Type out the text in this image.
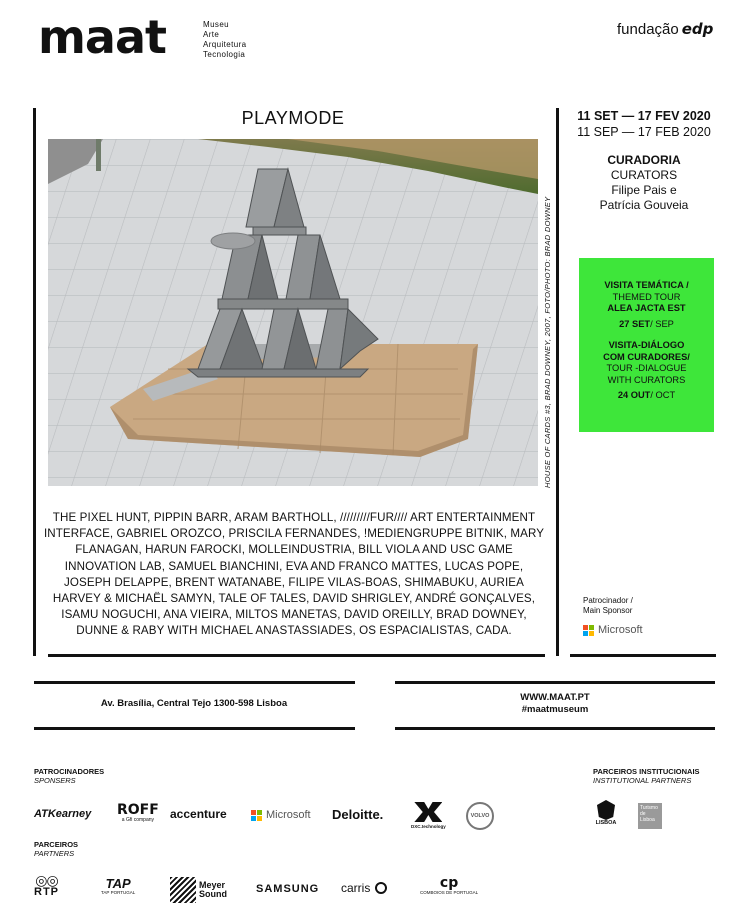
maat	Museu
Arte
Arquitetura
Tecnologia
fundação edp
PLAYMODE
HOUSE OF CARDS #3, BRAD DOWNEY, 2007, FOTO/PHOTO: BRAD DOWNEY
THE PIXEL HUNT, PIPPIN BARR, ARAM BARTHOLL, /////////FUR//// ART ENTERTAINMENT INTERFACE, GABRIEL OROZCO, PRISCILA FERNANDES, !MEDIENGRUPPE BITNIK, MARY FLANAGAN, HARUN FAROCKI, MOLLEINDUSTRIA, BILL VIOLA AND USC GAME INNOVATION LAB, SAMUEL BIANCHINI, EVA AND FRANCO MATTES, LUCAS POPE, JOSEPH DELAPPE, BRENT WATANABE, FILIPE VILAS-BOAS, SHIMABUKU, AURIEA HARVEY & MICHAËL SAMYN, TALE OF TALES, DAVID SHRIGLEY, ANDRÉ GONÇALVES, ISAMU NOGUCHI, ANA VIEIRA, MILTOS MANETAS, DAVID OREILLY, BRAD DOWNEY, DUNNE & RABY WITH MICHAEL ANASTASSIADES, OS ESPACIALISTAS, CADA.
11 SET — 17 FEV 2020
11 SEP — 17 FEB 2020
CURADORIA
CURATORS
Filipe Pais e
Patrícia Gouveia
VISITA TEMÁTICA /
THEMED TOUR
ALEA JACTA EST
27 SET/ SEP
VISITA-DIÁLOGO
COM CURADORES/
TOUR -DIALOGUE
WITH CURATORS
24 OUT/ OCT
Patrocinador /
Main Sponsor
Microsoft
Av. Brasília, Central Tejo 1300-598 Lisboa
WWW.MAAT.PT
#maatmuseum
PATROCINADORES
SPONSERS
PARCEIROS INSTITUCIONAIS
INSTITUTIONAL PARTNERS
PARCEIROS
PARTNERS
ATKearney ROFF
a Gfi company	accenture	Microsoft Deloitte.
DXC.technology
VOLVO
LISBOA
Turismo de Lisboa
◎◎
RTP
TAP
TAP PORTUGAL
Meyer Sound	SAMSUNG carris	cp
COMBOIOS DE PORTUGAL
